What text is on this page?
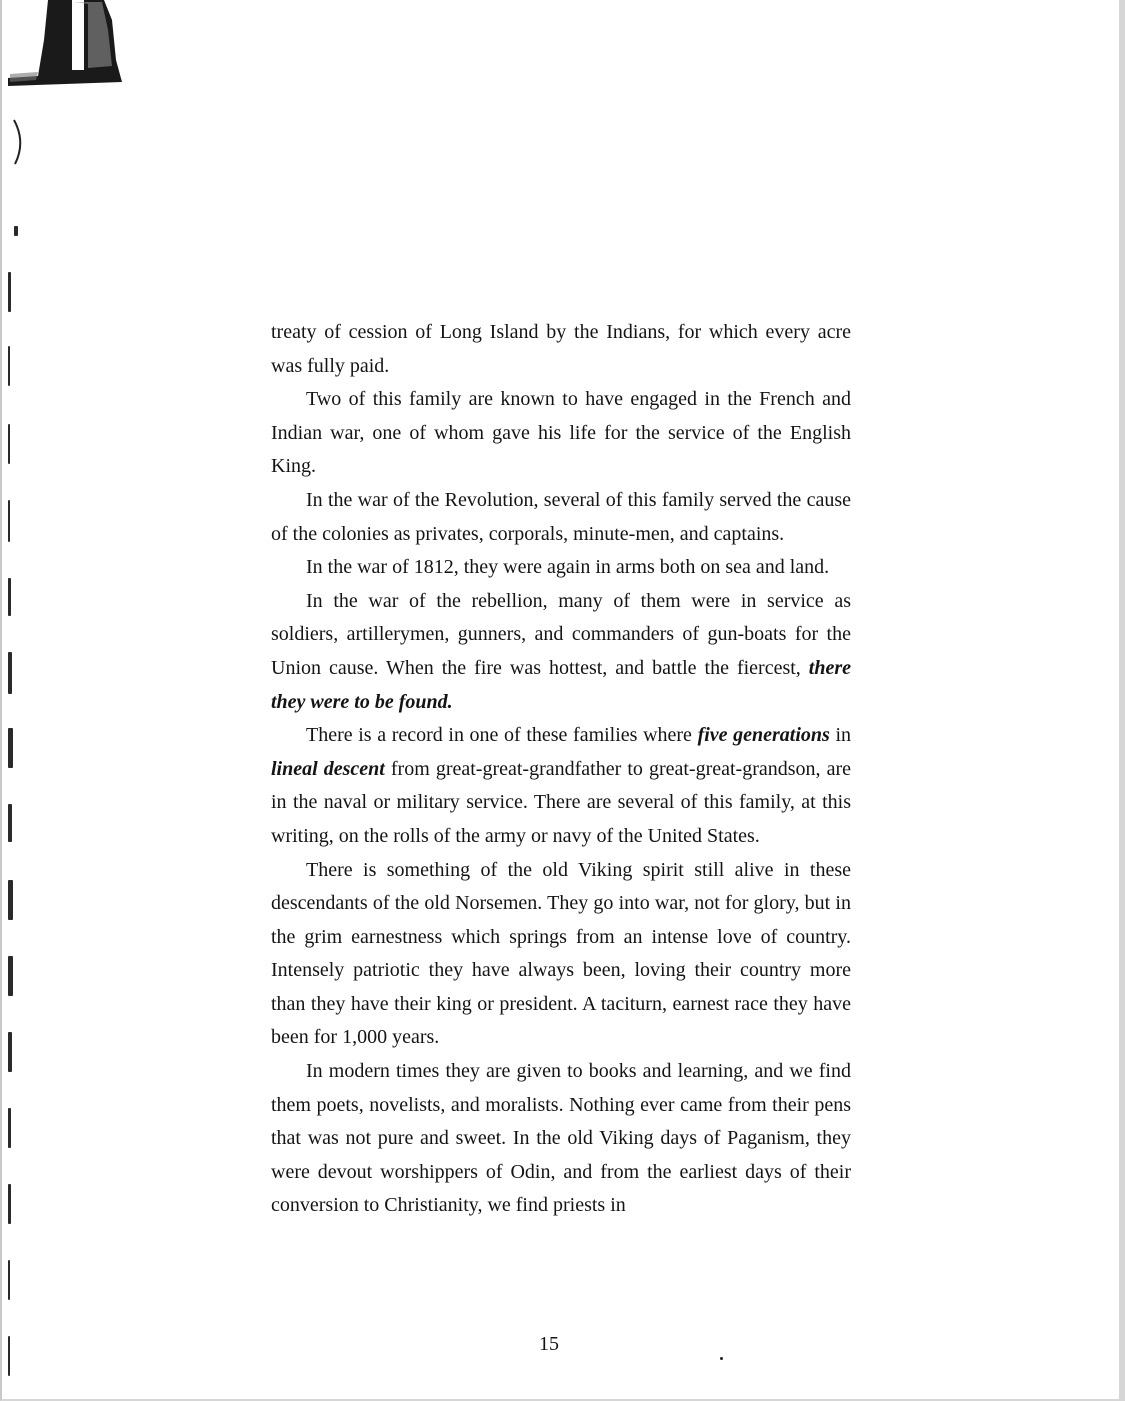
treaty of cession of Long Island by the Indians, for which every acre was fully paid.

Two of this family are known to have engaged in the French and Indian war, one of whom gave his life for the service of the English King.

In the war of the Revolution, several of this family served the cause of the colonies as privates, corporals, minute-men, and captains.

In the war of 1812, they were again in arms both on sea and land.

In the war of the rebellion, many of them were in service as soldiers, artillerymen, gunners, and commanders of gun-boats for the Union cause. When the fire was hottest, and battle the fiercest, there they were to be found.

There is a record in one of these families where five generations in lineal descent from great-great-grandfather to great-great-grandson, are in the naval or military service. There are several of this family, at this writing, on the rolls of the army or navy of the United States.

There is something of the old Viking spirit still alive in these descendants of the old Norsemen. They go into war, not for glory, but in the grim earnestness which springs from an intense love of country. Intensely patriotic they have always been, loving their country more than they have their king or president. A taciturn, earnest race they have been for 1,000 years.

In modern times they are given to books and learning, and we find them poets, novelists, and moralists. Nothing ever came from their pens that was not pure and sweet. In the old Viking days of Paganism, they were devout worshippers of Odin, and from the earliest days of their conversion to Christianity, we find priests in

15
